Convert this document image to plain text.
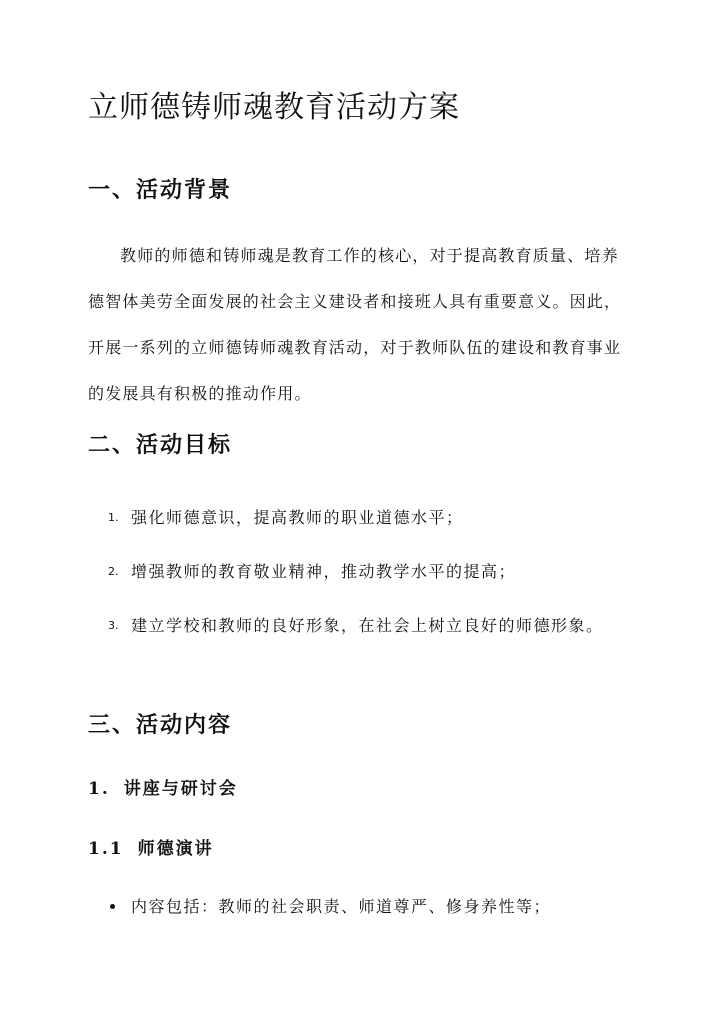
立师德铸师魂教育活动方案
一、活动背景

教师的师德和铸师魂是教育工作的核心，对于提高教育质量、培养德智体美劳全面发展的社会主义建设者和接班人具有重要意义。因此，开展一系列的立师德铸师魂教育活动，对于教师队伍的建设和教育事业的发展具有积极的推动作用。

二、活动目标
1. 强化师德意识，提高教师的职业道德水平；
2. 增强教师的教育敬业精神，推动教学水平的提高；
3. 建立学校和教师的良好形象，在社会上树立良好的师德形象。
三、活动内容
1. 讲座与研讨会
1.1 师德演讲
内容包括：教师的社会职责、师道尊严、修身养性等；
